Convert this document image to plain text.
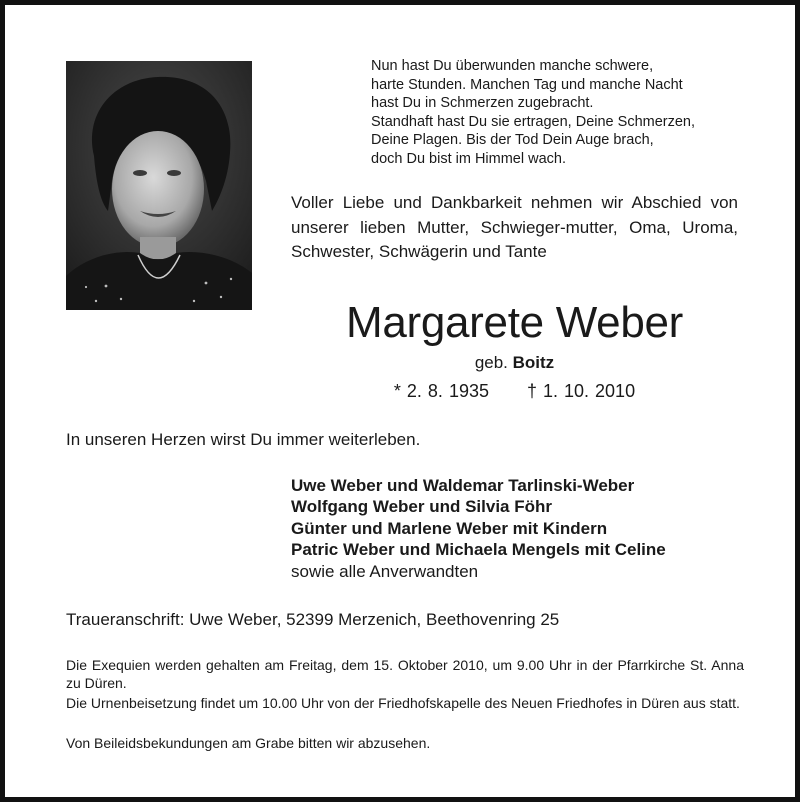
Nun hast Du überwunden manche schwere,
harte Stunden. Manchen Tag und manche Nacht
hast Du in Schmerzen zugebracht.
Standhaft hast Du sie ertragen, Deine Schmerzen,
Deine Plagen. Bis der Tod Dein Auge brach,
doch Du bist im Himmel wach.
Voller Liebe und Dankbarkeit nehmen wir Abschied von unserer lieben Mutter, Schwieger-mutter, Oma, Uroma, Schwester, Schwägerin und Tante
Margarete Weber
geb. Boitz
* 2. 8. 1935 † 1. 10. 2010
In unseren Herzen wirst Du immer weiterleben.
Uwe Weber und Waldemar Tarlinski-Weber
Wolfgang Weber und Silvia Föhr
Günter und Marlene Weber mit Kindern
Patric Weber und Michaela Mengels mit Celine
sowie alle Anverwandten
Traueranschrift: Uwe Weber, 52399 Merzenich, Beethovenring 25
Die Exequien werden gehalten am Freitag, dem 15. Oktober 2010, um 9.00 Uhr in der Pfarrkirche St. Anna zu Düren.
Die Urnenbeisetzung findet um 10.00 Uhr von der Friedhofskapelle des Neuen Friedhofes in Düren aus statt.
Von Beileidsbekundungen am Grabe bitten wir abzusehen.
